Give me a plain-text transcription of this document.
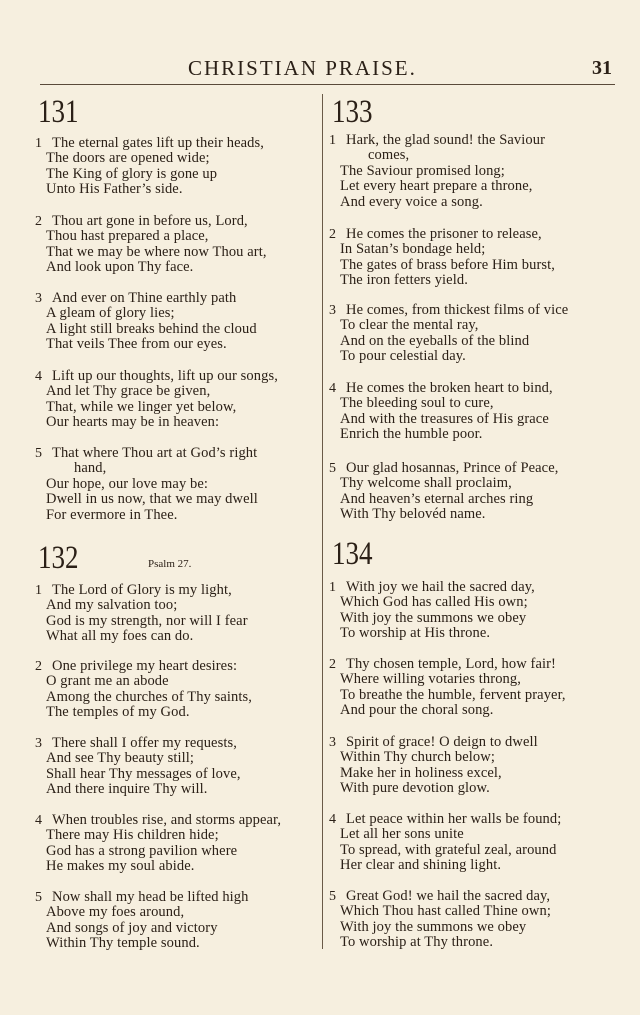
CHRISTIAN PRAISE.	31
131
1 The eternal gates lift up their heads,
The doors are opened wide;
The King of glory is gone up
Unto His Father’s side.
2 Thou art gone in before us, Lord,
Thou hast prepared a place,
That we may be where now Thou art,
And look upon Thy face.
3 And ever on Thine earthly path
A gleam of glory lies;
A light still breaks behind the cloud
That veils Thee from our eyes.
4 Lift up our thoughts, lift up our songs,
And let Thy grace be given,
That, while we linger yet below,
Our hearts may be in heaven:
5 That where Thou art at God’s right
hand,
Our hope, our love may be:
Dwell in us now, that we may dwell
For evermore in Thee.
132	Psalm 27.
1 The Lord of Glory is my light,
And my salvation too;
God is my strength, nor will I fear
What all my foes can do.
2 One privilege my heart desires:
O grant me an abode
Among the churches of Thy saints,
The temples of my God.
3 There shall I offer my requests,
And see Thy beauty still;
Shall hear Thy messages of love,
And there inquire Thy will.
4 When troubles rise, and storms appear,
There may His children hide;
God has a strong pavilion where
He makes my soul abide.
5 Now shall my head be lifted high
Above my foes around,
And songs of joy and victory
Within Thy temple sound.
133
1 Hark, the glad sound! the Saviour
comes,
The Saviour promised long;
Let every heart prepare a throne,
And every voice a song.
2 He comes the prisoner to release,
In Satan’s bondage held;
The gates of brass before Him burst,
The iron fetters yield.
3 He comes, from thickest films of vice
To clear the mental ray,
And on the eyeballs of the blind
To pour celestial day.
4 He comes the broken heart to bind,
The bleeding soul to cure,
And with the treasures of His grace
Enrich the humble poor.
5 Our glad hosannas, Prince of Peace,
Thy welcome shall proclaim,
And heaven’s eternal arches ring
With Thy belovéd name.
134
1 With joy we hail the sacred day,
Which God has called His own;
With joy the summons we obey
To worship at His throne.
2 Thy chosen temple, Lord, how fair!
Where willing votaries throng,
To breathe the humble, fervent prayer,
And pour the choral song.
3 Spirit of grace! O deign to dwell
Within Thy church below;
Make her in holiness excel,
With pure devotion glow.
4 Let peace within her walls be found;
Let all her sons unite
To spread, with grateful zeal, around
Her clear and shining light.
5 Great God! we hail the sacred day,
Which Thou hast called Thine own;
With joy the summons we obey
To worship at Thy throne.
